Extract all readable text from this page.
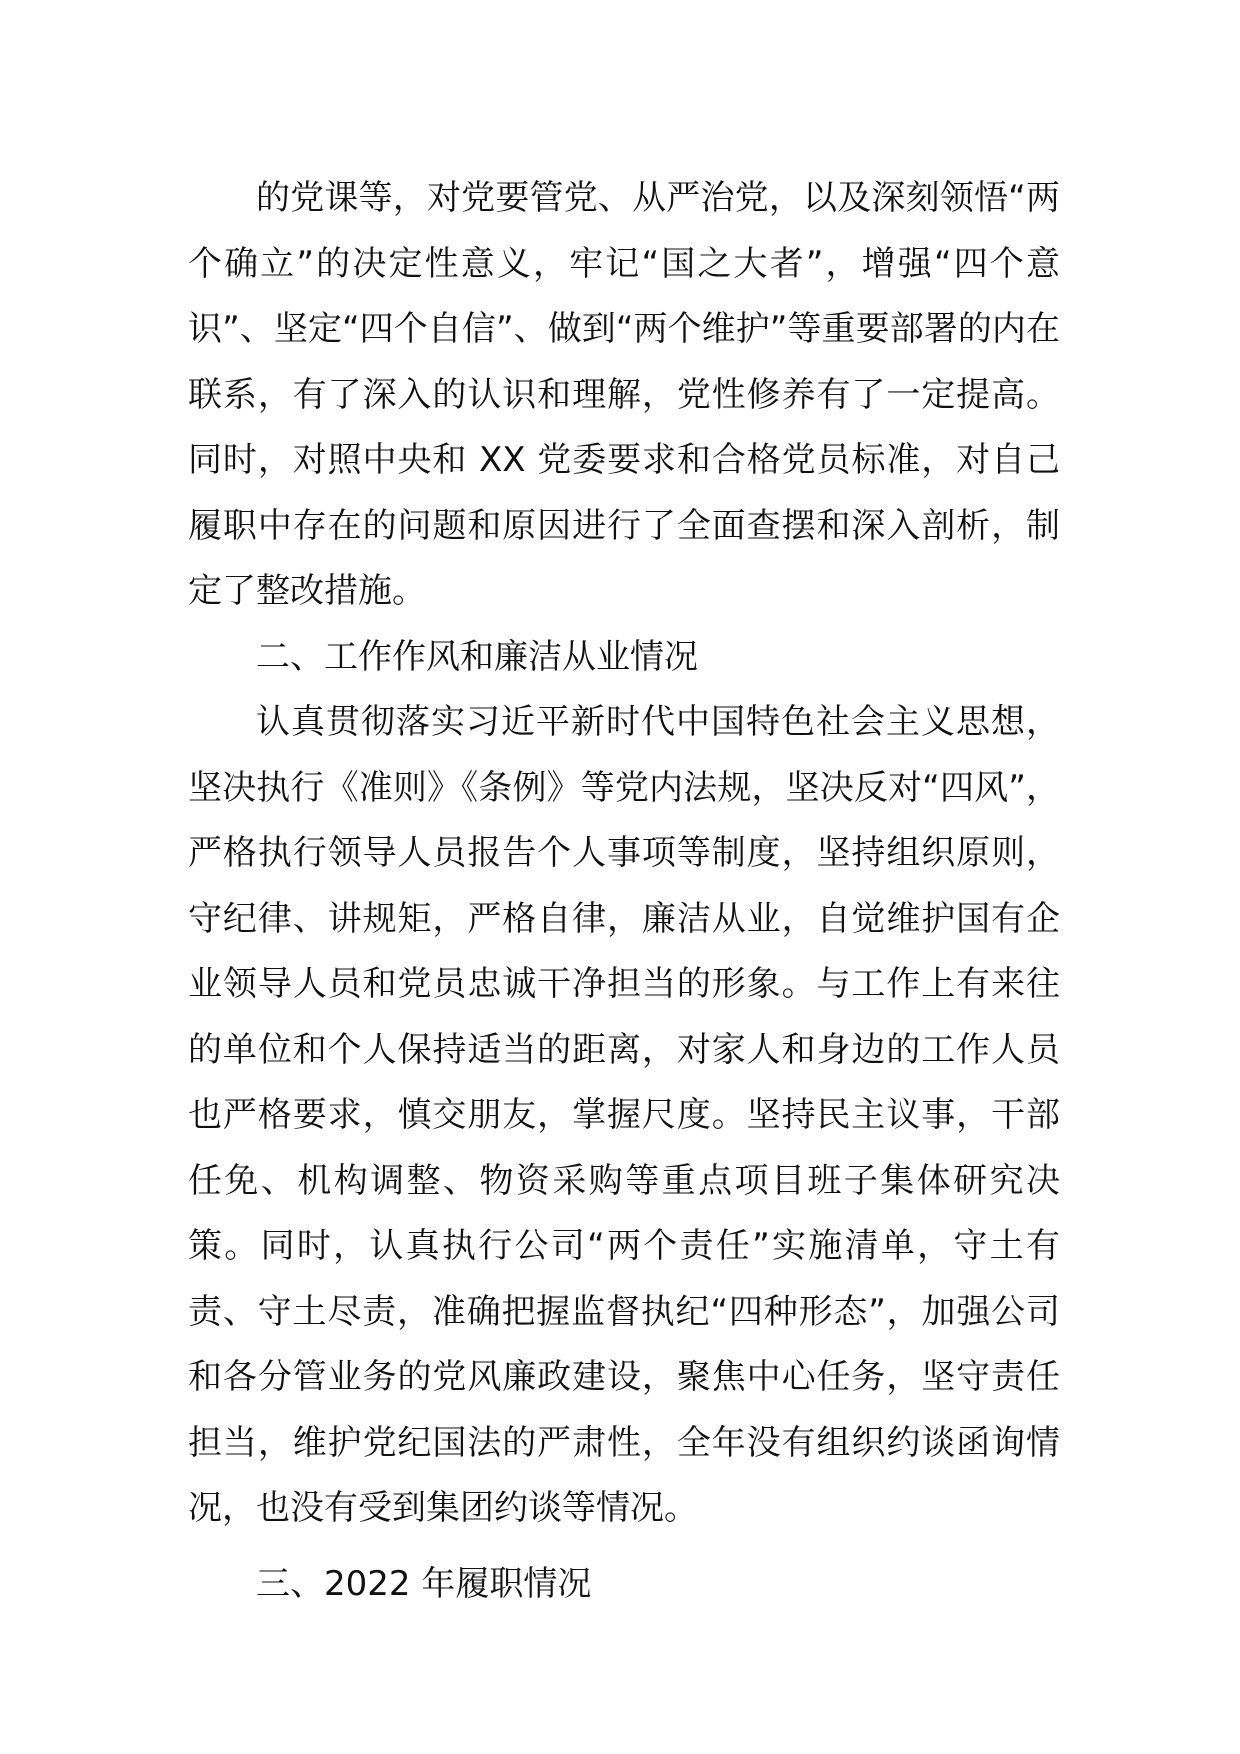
的党课等，对党要管党、从严治党，以及深刻领悟“两个确立”的决定性意义，牢记“国之大者”，增强“四个意识”、坚定“四个自信”、做到“两个维护”等重要部署的内在联系，有了深入的认识和理解，党性修养有了一定提高。同时，对照中央和 XX 党委要求和合格党员标准，对自己履职中存在的问题和原因进行了全面查摆和深入剖析，制定了整改措施。

二、工作作风和廉洁从业情况

认真贯彻落实习近平新时代中国特色社会主义思想，坚决执行《准则》《条例》等党内法规，坚决反对“四风”，严格执行领导人员报告个人事项等制度，坚持组织原则，守纪律、讲规矩，严格自律，廉洁从业，自觉维护国有企业领导人员和党员忠诚干净担当的形象。与工作上有来往的单位和个人保持适当的距离，对家人和身边的工作人员也严格要求，慎交朋友，掌握尺度。坚持民主议事，干部任免、机构调整、物资采购等重点项目班子集体研究决策。同时，认真执行公司“两个责任”实施清单，守土有责、守土尽责，准确把握监督执纪“四种形态”，加强公司和各分管业务的党风廉政建设，聚焦中心任务，坚守责任担当，维护党纪国法的严肃性，全年没有组织约谈函询情况，也没有受到集团约谈等情况。

三、2022 年履职情况
